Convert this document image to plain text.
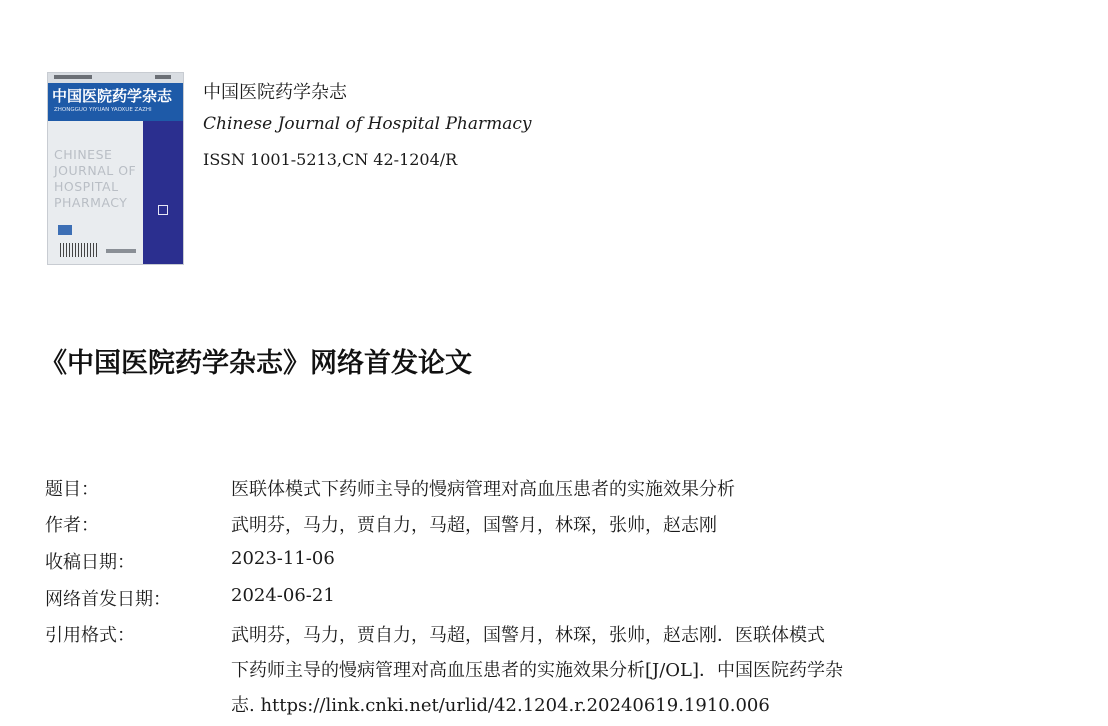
中国医院药学杂志
ZHONGGUO YIYUAN YAOXUE ZAZHI
CHINESE JOURNAL OF HOSPITAL PHARMACY
中国医院药学杂志
Chinese Journal of Hospital Pharmacy
ISSN 1001-5213,CN 42-1204/R
《中国医院药学杂志》网络首发论文
题目：	医联体模式下药师主导的慢病管理对高血压患者的实施效果分析
作者：	武明芬，马力，贾自力，马超，国警月，林琛，张帅，赵志刚
收稿日期：	2023-11-06
网络首发日期：	2024-06-21
引用格式：	武明芬，马力，贾自力，马超，国警月，林琛，张帅，赵志刚．医联体模式
下药师主导的慢病管理对高血压患者的实施效果分析[J/OL]．中国医院药学杂
志. https://link.cnki.net/urlid/42.1204.r.20240619.1910.006
